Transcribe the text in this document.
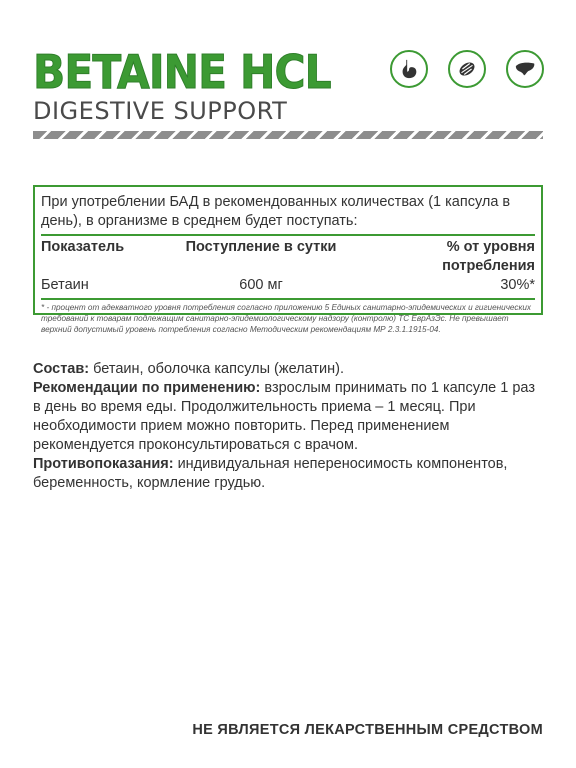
BETAINE HCL
DIGESTIVE SUPPORT
При употреблении БАД в рекомендованных количествах (1 капсула в день), в организме в среднем будет поступать:
Показатель	Поступление в сутки	% от уровня потребления
Бетаин	600 мг	30%*
* - процент от адекватного уровня потребления согласно приложению 5 Единых санитарно-эпидемических и гигиенических требований к товарам подлежащим санитарно-эпидемиологическому надзору (контролю) ТС ЕврАзЭс. Не превышает верхний допустимый уровень потребления согласно Методическим рекомендациям МР 2.3.1.1915-04.

Состав: бетаин, оболочка капсулы (желатин).

Рекомендации по применению: взрослым принимать по 1 капсуле 1 раз в день во время еды. Продолжительность приема – 1 месяц. При необходимости прием можно повторить. Перед применением рекомендуется проконсультироваться с врачом.

Противопоказания: индивидуальная непереносимость компонентов, беременность, кормление грудью.

НЕ ЯВЛЯЕТСЯ ЛЕКАРСТВЕННЫМ СРЕДСТВОМ
